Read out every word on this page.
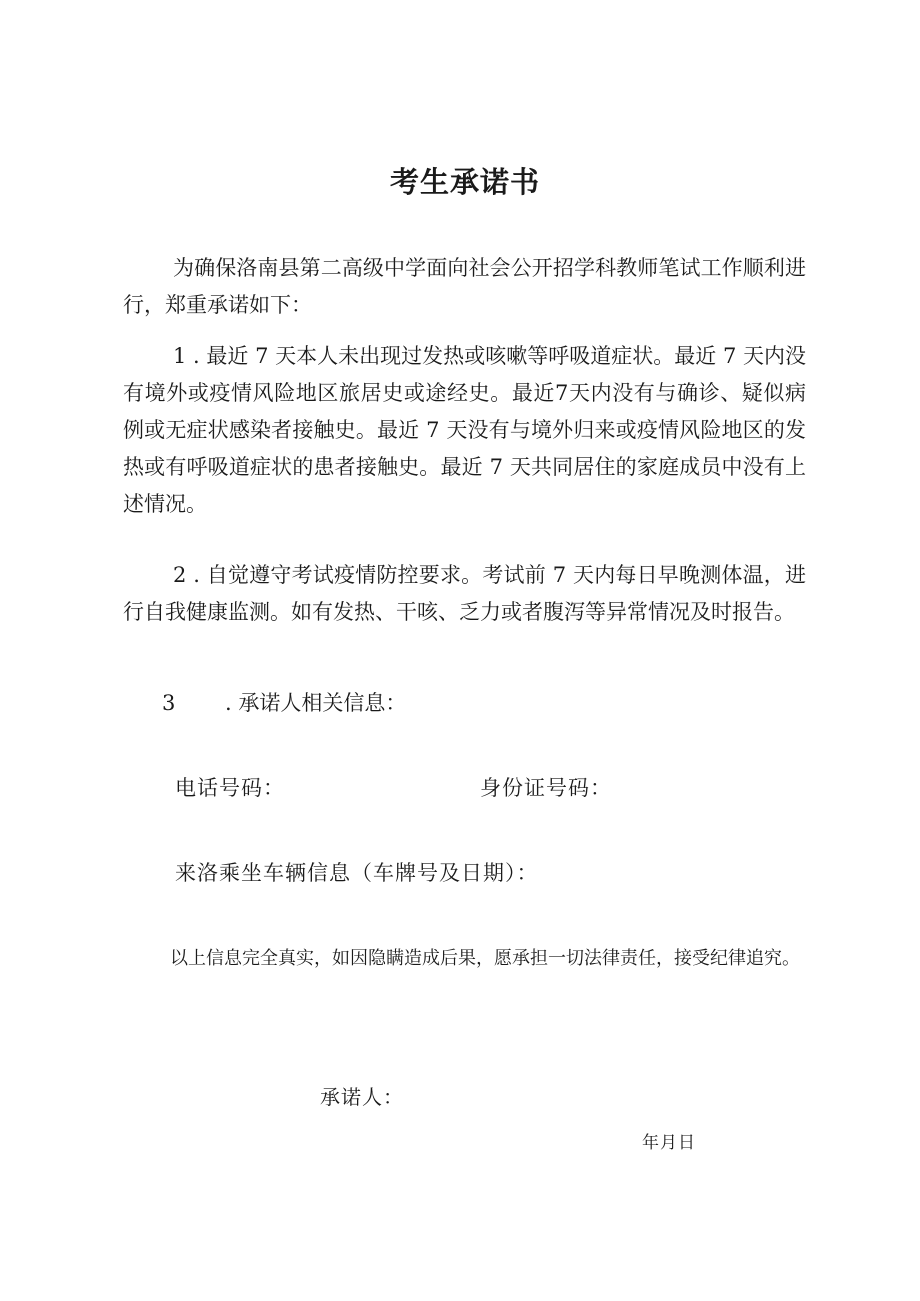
考生承诺书
为确保洛南县第二高级中学面向社会公开招学科教师笔试工作顺利进行，郑重承诺如下：
1 . 最近 7 天本人未出现过发热或咳嗽等呼吸道症状。最近 7 天内没有境外或疫情风险地区旅居史或途经史。最近7天内没有与确诊、疑似病例或无症状感染者接触史。最近 7 天没有与境外归来或疫情风险地区的发热或有呼吸道症状的患者接触史。最近 7 天共同居住的家庭成员中没有上述情况。
2 . 自觉遵守考试疫情防控要求。考试前 7 天内每日早晚测体温，进行自我健康监测。如有发热、干咳、乏力或者腹泻等异常情况及时报告。
3 . 承诺人相关信息：
电话号码：	身份证号码：
来洛乘坐车辆信息（车牌号及日期）：
以上信息完全真实，如因隐瞒造成后果，愿承担一切法律责任，接受纪律追究。
承诺人：
年月日
